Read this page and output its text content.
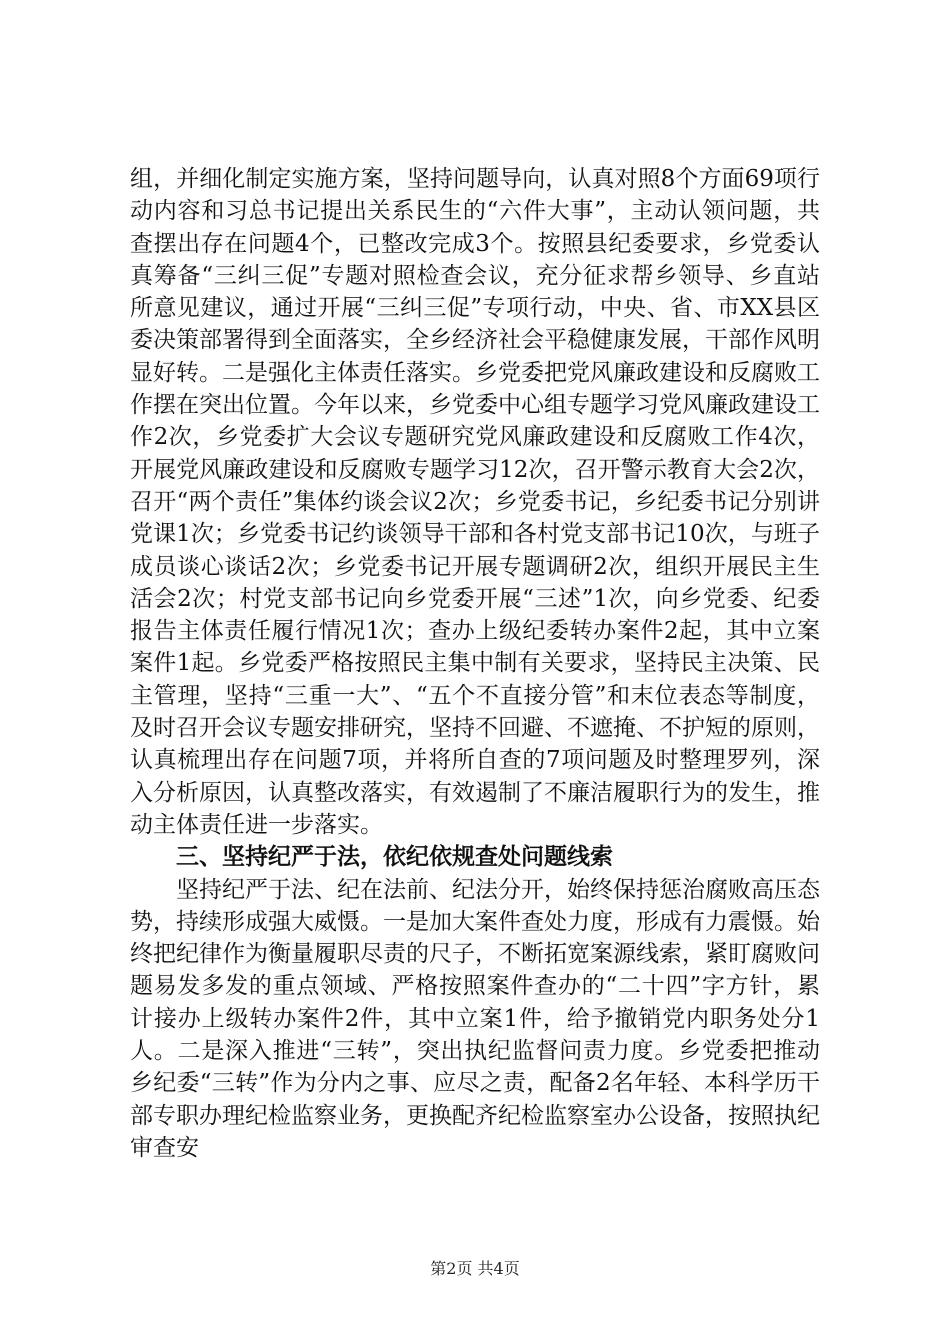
组，并细化制定实施方案，坚持问题导向，认真对照8个方面69项行动内容和习总书记提出关系民生的“六件大事”，主动认领问题，共查摆出存在问题4个，已整改完成3个。按照县纪委要求，乡党委认真筹备“三纠三促”专题对照检查会议，充分征求帮乡领导、乡直站所意见建议，通过开展“三纠三促”专项行动，中央、省、市XX县区委决策部署得到全面落实，全乡经济社会平稳健康发展，干部作风明显好转。二是强化主体责任落实。乡党委把党风廉政建设和反腐败工作摆在突出位置。今年以来，乡党委中心组专题学习党风廉政建设工作2次，乡党委扩大会议专题研究党风廉政建设和反腐败工作4次，开展党风廉政建设和反腐败专题学习12次，召开警示教育大会2次，召开“两个责任”集体约谈会议2次；乡党委书记，乡纪委书记分别讲党课1次；乡党委书记约谈领导干部和各村党支部书记10次，与班子成员谈心谈话2次；乡党委书记开展专题调研2次，组织开展民主生活会2次；村党支部书记向乡党委开展“三述”1次，向乡党委、纪委报告主体责任履行情况1次；查办上级纪委转办案件2起，其中立案案件1起。乡党委严格按照民主集中制有关要求，坚持民主决策、民主管理，坚持“三重一大”、“五个不直接分管”和末位表态等制度，及时召开会议专题安排研究，坚持不回避、不遮掩、不护短的原则，认真梳理出存在问题7项，并将所自查的7项问题及时整理罗列，深入分析原因，认真整改落实，有效遏制了不廉洁履职行为的发生，推动主体责任进一步落实。

三、坚持纪严于法，依纪依规查处问题线索

坚持纪严于法、纪在法前、纪法分开，始终保持惩治腐败高压态势，持续形成强大威慑。一是加大案件查处力度，形成有力震慑。始终把纪律作为衡量履职尽责的尺子，不断拓宽案源线索，紧盯腐败问题易发多发的重点领域、严格按照案件查办的“二十四”字方针，累计接办上级转办案件2件，其中立案1件，给予撤销党内职务处分1人。二是深入推进“三转”，突出执纪监督问责力度。乡党委把推动乡纪委“三转”作为分内之事、应尽之责，配备2名年轻、本科学历干部专职办理纪检监察业务，更换配齐纪检监察室办公设备，按照执纪审查安

第2页 共4页
